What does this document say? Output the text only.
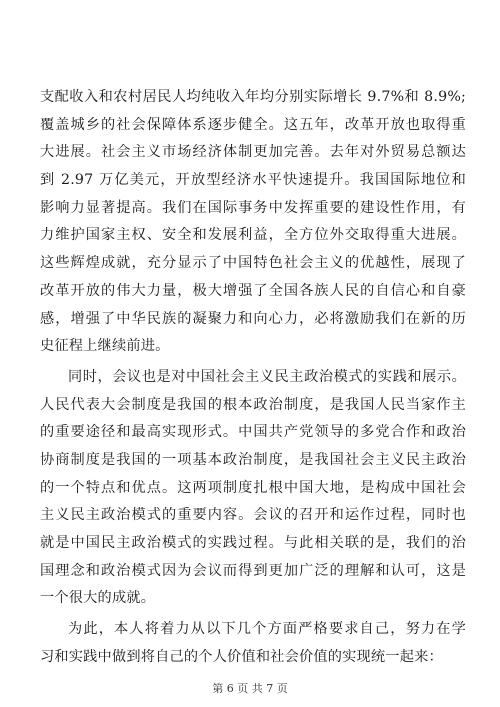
支配收入和农村居民人均纯收入年均分别实际增长 9.7%和 8.9%;
覆盖城乡的社会保障体系逐步健全。这五年，改革开放也取得重
大进展。社会主义市场经济体制更加完善。去年对外贸易总额达
到 2.97 万亿美元，开放型经济水平快速提升。我国国际地位和
影响力显著提高。我们在国际事务中发挥重要的建设性作用，有
力维护国家主权、安全和发展利益，全方位外交取得重大进展。
这些辉煌成就，充分显示了中国特色社会主义的优越性，展现了
改革开放的伟大力量，极大增强了全国各族人民的自信心和自豪
感，增强了中华民族的凝聚力和向心力，必将激励我们在新的历
史征程上继续前进。
同时，会议也是对中国社会主义民主政治模式的实践和展示。
人民代表大会制度是我国的根本政治制度，是我国人民当家作主
的重要途径和最高实现形式。中国共产党领导的多党合作和政治
协商制度是我国的一项基本政治制度，是我国社会主义民主政治
的一个特点和优点。这两项制度扎根中国大地，是构成中国社会
主义民主政治模式的重要内容。会议的召开和运作过程，同时也
就是中国民主政治模式的实践过程。与此相关联的是，我们的治
国理念和政治模式因为会议而得到更加广泛的理解和认可，这是
一个很大的成就。
为此，本人将着力从以下几个方面严格要求自己，努力在学
习和实践中做到将自己的个人价值和社会价值的实现统一起来：
第 6 页 共 7 页
